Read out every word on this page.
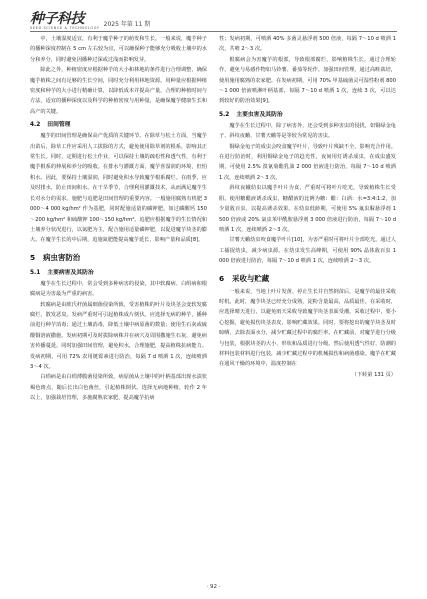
种子科技
SEED SCIENCE & TECHNOLOGY 2025 年第 11 期

中，土壤湿度适宜，有利于魔芋种子的萌发和生长。一般来说，魔芋种子的播种深度控制在 5 cm 左右较为宜，可以确保种子能够充分吸收土壤中的水分和养分，同时避免因播种过深或过浅而影响发芽。

除此之外，种植密度应根据种芋的大小和林地的条件进行合理调整，确保魔芋植株之间有足够的生长空间，同时充分利用林地资源。用种量应根据种植密度和种芋的大小进行精确计算，以降低成本并提高产量，合理的种植时间与方法，适宜的播种深度以及科学的种植密度与用种量，是确保魔芋健康生长和高产的关键。

4.2 田间管理

魔芋的田间管理是确保高产优质的关键环节。在除草与松土方面，当魔芋出苗后，除草工作应采用人工拔除的方式，避免使用除草剂的根系，影响其正常生长。同时，定期进行松土作业，可以保持土壤的疏松性和透气性，有利于魔芋根系的伸展和养分的吸收。在排水与灌溉方面，魔芋喜湿润的环境，但怕积水。因此，要保持土壤湿润，同时避免积水导致魔芋根系腐烂。在雨季，应及时排水，防止田间积水。在干旱季节，合理利用灌溉技术，从而满足魔芋生长对水分的需求。施肥与追肥是田间管理的重要内容。一般施用腐熟有机肥 3 000～4 000 kg/hm² 作为基肥，同时配施适量的磷钾肥。如过磷酸钙 150～200 kg/hm² 和硫酸钾 100～150 kg/hm²。追肥应根据魔芋的生长情况和土壤养分状况进行，以氮肥为主，配合施用适量磷钾肥，以促进魔芋块茎的膨大。在魔芋生长的中后期，追施氮肥能提高魔芋延长，影响产量和品质[8]。

5 病虫害防治
5.1 主要病害及其防治

魔芋在生长过程中，常会受到多种病害的侵染，其中软腐病、白绢病和根腐病是为害最为严重的病害。

软腐病是由欧氏杆菌属细菌侵染所致，受害植株的叶片及块茎会变软发腐腐烂，散发恶臭。发病严重时可引起植株成片倒伏。应选择无病的种芋，播种前进行种芋消毒；通过土壤消毒，降低土壤中病原菌的数量；使用生石灰或硫酸铜溶液撒施。发病初期可及时拔除病株并在病穴及周围撒施生石灰，避免病害传播蔓延。同时加强田间管理，避免积水，合理施肥，提高植株抗病能力。发病初期，可用 72% 农用链霉素进行防治，每隔 7 d 喷洒 1 次，连续喷洒 3～4 次。

白绢病是由白绢薄膜菌侵染所致，病原菌从土壤中的叶柄基部出现水渍状褐色斑点，随后长出白色菌丝，引起植株倒伏。选择无病地种植，轮作 2 年以上，加强栽培管理，多施腐熟农家肥，提高魔芋抗病

性；发病初期，可喷洒 40% 多菌灵悬浮剂 500 倍液，每隔 7～10 d 喷洒 1 次，共喷 2～3 次。

根腐病会为害魔芋的根部，导致根部腐烂，影响植株生长。通过合理轮作，避免与易感作物如马铃薯、番茄等轮作。加强田间管理，通过高畦栽培，使用施用腐熟的农家肥。在发病初期，可用 70% 甲基硫菌灵可湿性粉剂 800～1 000 倍液喷淋叶柄基部，每隔 7～10 d 喷洒 1 次，连续 3 次，可以达到较好的防治效果[9]。

5.2 主要虫害及其防治

魔芋在生长过程中，除了病害外，还会受到多种害虫的侵扰，如铜绿金龟子、斜纹夜蛾、甘薯天蛾等是等较为常见的害虫。

铜绿金龟子的成虫会咬食魔芋叶片，导致叶片残缺不全，影响光合作用。在进行防治时，利用铜绿金龟子的趋光性，夜间用灯诱杀成虫，在成虫盛发期，可使用 2.5% 溴氰菊酯乳油 2 000 倍液进行防治，每隔 7～10 d 喷洒 1 次，连续喷洒 2～3 次。

斜纹夜蛾幼虫以魔芋叶片为食，严重时可将叶片吃光，导致植株生长受阻。使用糖醋液诱杀成虫，糖醋液的比例为糖：醋：白酒：水=3:4:1:2，加少量敌百虫，以提高诱杀效果。在幼虫低龄期，可使用 5% 氟虫脲悬浮剂 1 500 倍液或 20% 氯虫苯甲酰胺悬浮剂 3 000 倍液进行防治，每隔 7～10 d 喷洒 1 次，连续喷洒 2～3 次。

甘薯天蛾幼虫咬食魔芋叶片[10]，为害严重时可将叶片全部吃光。通过人工捕捉幼虫，减少病虫源。在幼虫发生高峰期，可使用 90% 晶体敌百虫 1 000 倍液进行防治，每隔 7～10 d 喷洒 1 次，连续喷洒 2～3 次。

6 采收与贮藏

一般来说，当地上叶片发黄、停止生长并自然倒苗后，是魔芋的最佳采收时机。此时，魔芋块茎已经充分成熟，淀粉含量最高，品质最佳。在采收时，应选择晴天进行，以避免雨天采收导致魔芋块茎表面受潮。采收过程中，要小心挖掘，避免损伤块茎表皮，影响贮藏效果。同时，要将挖出的魔芋块茎及时晾晒，去除表面水分，减少贮藏过程中的腐烂率。在贮藏前，对魔芋进行分级与包装，根据块茎的大小、形状和品质进行分级。然后使用透气性好、防潮的材料包装材料进行包装，减少贮藏过程中的机械损伤和病菌感染。魔芋在贮藏在通风干燥的环境中，温度控制在

（下转第 131 页）

· 92 ·
